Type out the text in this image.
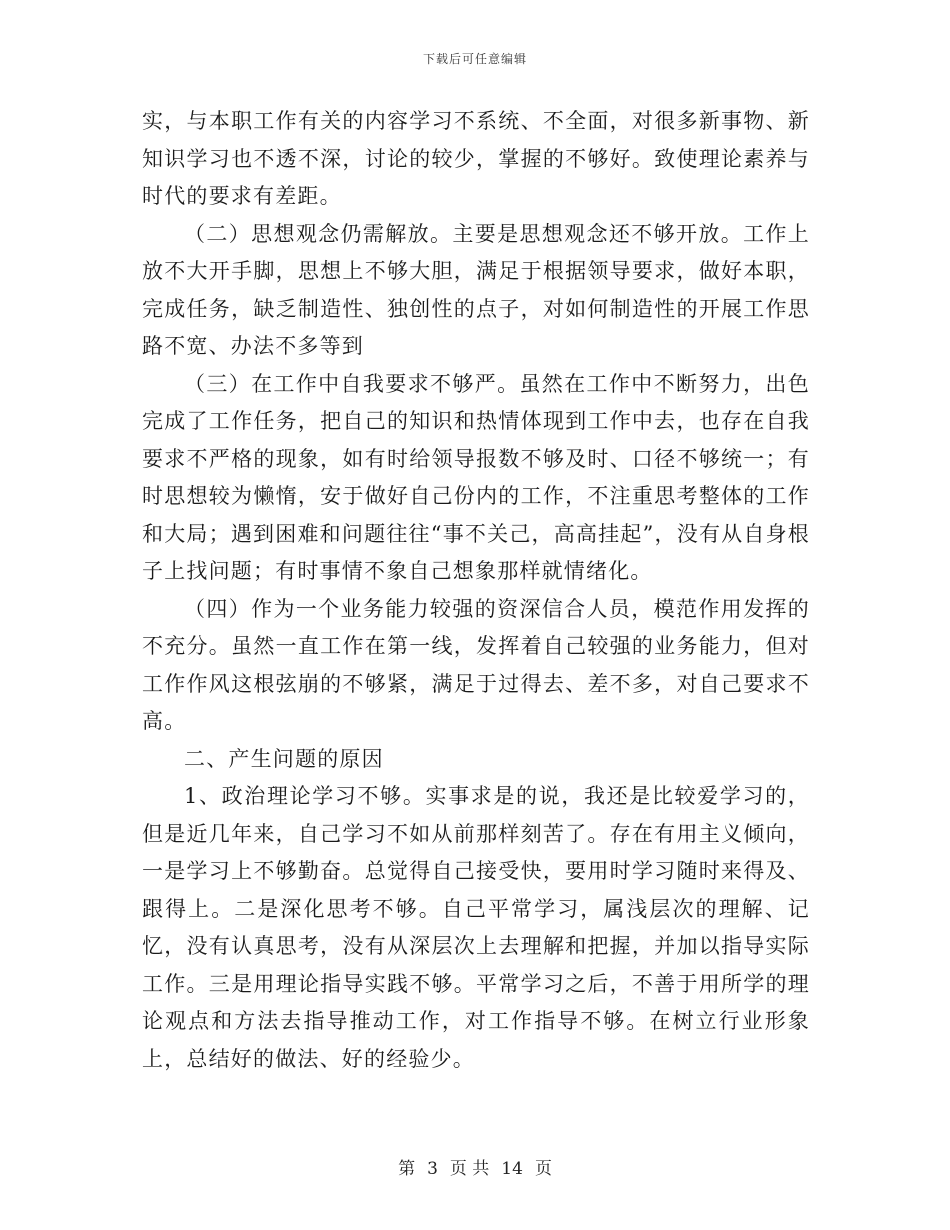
下载后可任意编辑

实，与本职工作有关的内容学习不系统、不全面，对很多新事物、新知识学习也不透不深，讨论的较少，掌握的不够好。致使理论素养与时代的要求有差距。

（二）思想观念仍需解放。主要是思想观念还不够开放。工作上放不大开手脚，思想上不够大胆，满足于根据领导要求，做好本职，完成任务，缺乏制造性、独创性的点子，对如何制造性的开展工作思路不宽、办法不多等到

（三）在工作中自我要求不够严。虽然在工作中不断努力，出色完成了工作任务，把自己的知识和热情体现到工作中去，也存在自我要求不严格的现象，如有时给领导报数不够及时、口径不够统一；有时思想较为懒惰，安于做好自己份内的工作，不注重思考整体的工作和大局；遇到困难和问题往往“事不关己，高高挂起”，没有从自身根子上找问题；有时事情不象自己想象那样就情绪化。

（四）作为一个业务能力较强的资深信合人员，模范作用发挥的不充分。虽然一直工作在第一线，发挥着自己较强的业务能力，但对工作作风这根弦崩的不够紧，满足于过得去、差不多，对自己要求不高。

二、产生问题的原因

1、政治理论学习不够。实事求是的说，我还是比较爱学习的，但是近几年来，自己学习不如从前那样刻苦了。存在有用主义倾向，一是学习上不够勤奋。总觉得自己接受快，要用时学习随时来得及、跟得上。二是深化思考不够。自己平常学习，属浅层次的理解、记忆，没有认真思考，没有从深层次上去理解和把握，并加以指导实际工作。三是用理论指导实践不够。平常学习之后，不善于用所学的理论观点和方法去指导推动工作，对工作指导不够。在树立行业形象上，总结好的做法、好的经验少。

第 3 页 共 14 页
